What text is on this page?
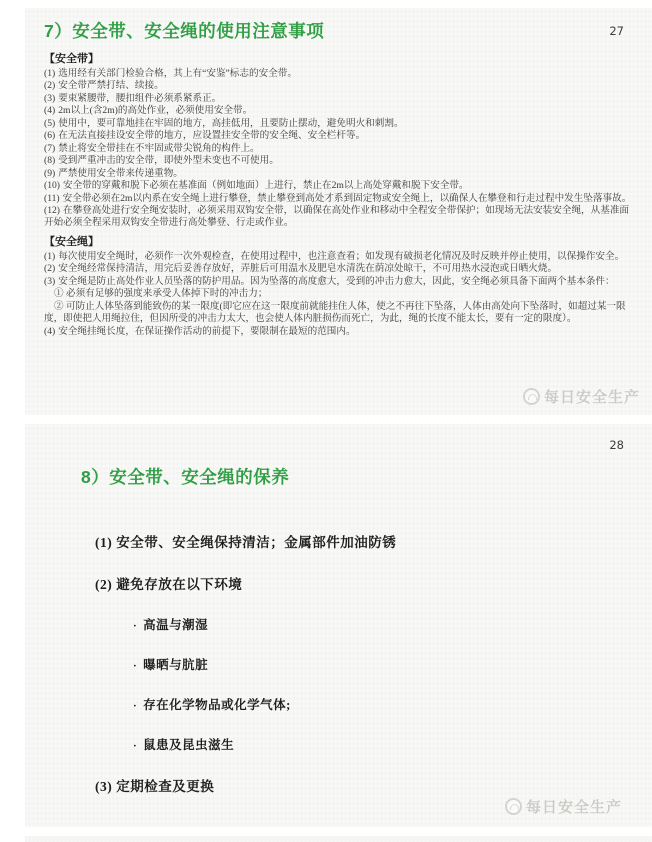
27
7）安全带、安全绳的使用注意事项
【安全带】
(1) 选用经有关部门检验合格，其上有“安鉴”标志的安全带。
(2) 安全带严禁打结、续接。
(3) 要束紧腰带，腰扣组件必须系紧系正。
(4) 2m以上(含2m)的高处作业，必须使用安全带。
(5) 使用中，要可靠地挂在牢固的地方，高挂低用，且要防止摆动，避免明火和刺割。
(6) 在无法直接挂设安全带的地方，应设置挂安全带的安全绳、安全栏杆等。
(7) 禁止将安全带挂在不牢固或带尖锐角的构件上。
(8) 受到严重冲击的安全带，即使外型未变也不可使用。
(9) 严禁使用安全带来传递重物。
(10) 安全带的穿戴和脱下必须在基准面（例如地面）上进行，禁止在2m以上高处穿戴和脱下安全带。
(11) 安全带必须在2m以内系在安全绳上进行攀登，禁止攀登到高处才系到固定物或安全绳上，以确保人在攀登和行走过程中发生坠落事故。
(12) 在攀登高处进行安全绳安装时，必须采用双钩安全带，以确保在高处作业和移动中全程安全带保护；如现场无法安装安全绳，从基准面开始必须全程采用双钩安全带进行高处攀登、行走或作业。
【安全绳】
(1) 每次使用安全绳时，必须作一次外观检查，在使用过程中，也注意查看；如发现有破损老化情况及时反映并停止使用，以保操作安全。
(2) 安全绳经常保持清洁，用完后妥善存放好，弄脏后可用温水及肥皂水清洗在荫凉处晾干，不可用热水浸泡或日晒火烧。
(3) 安全绳是防止高处作业人员坠落的防护用品。因为坠落的高度愈大，受到的冲击力愈大，因此，安全绳必须具备下面两个基本条件：
① 必须有足够的强度来承受人体掉下时的冲击力；
② 可防止人体坠落到能致伤的某一限度(即它应在这一限度前就能挂住人体，使之不再往下坠落，人体由高处向下坠落时，如超过某一限度，即使把人用绳拉住，但因所受的冲击力太大，也会使人体内脏损伤而死亡，为此，绳的长度不能太长，要有一定的限度）。
(4) 安全绳挂绳长度，在保证操作活动的前提下，要限制在最短的范围内。
每日安全生产
28
8）安全带、安全绳的保养
(1) 安全带、安全绳保持清洁；金属部件加油防锈
(2) 避免存放在以下环境
· 高温与潮湿
· 曝晒与肮脏
· 存在化学物品或化学气体;
· 鼠患及昆虫滋生
(3) 定期检查及更换
每日安全生产
